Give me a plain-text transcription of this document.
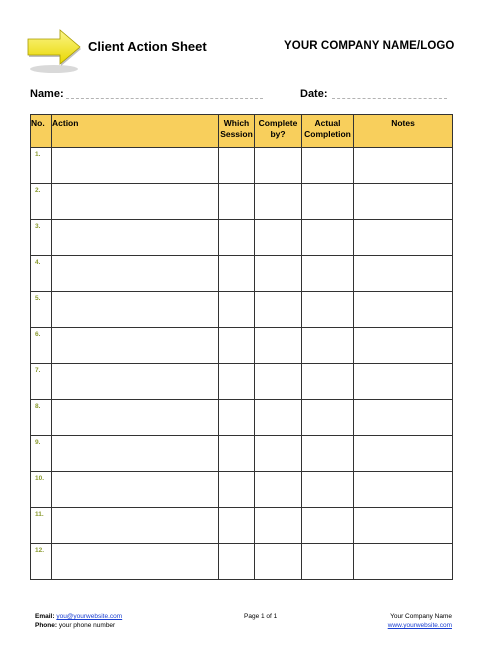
Client Action Sheet	YOUR COMPANY NAME/LOGO
Name:	Date:
No.	Action	Which Session	Complete by?	Actual Completion	Notes

1.					

2.					

3.					

4.					

5.					

6.					

7.					

8.					

9.					

10.					

11.					

12.					

Email: you@yourwebsite.com
Phone: your phone number
Page 1 of 1	Your Company Name
www.yourwebsite.com
